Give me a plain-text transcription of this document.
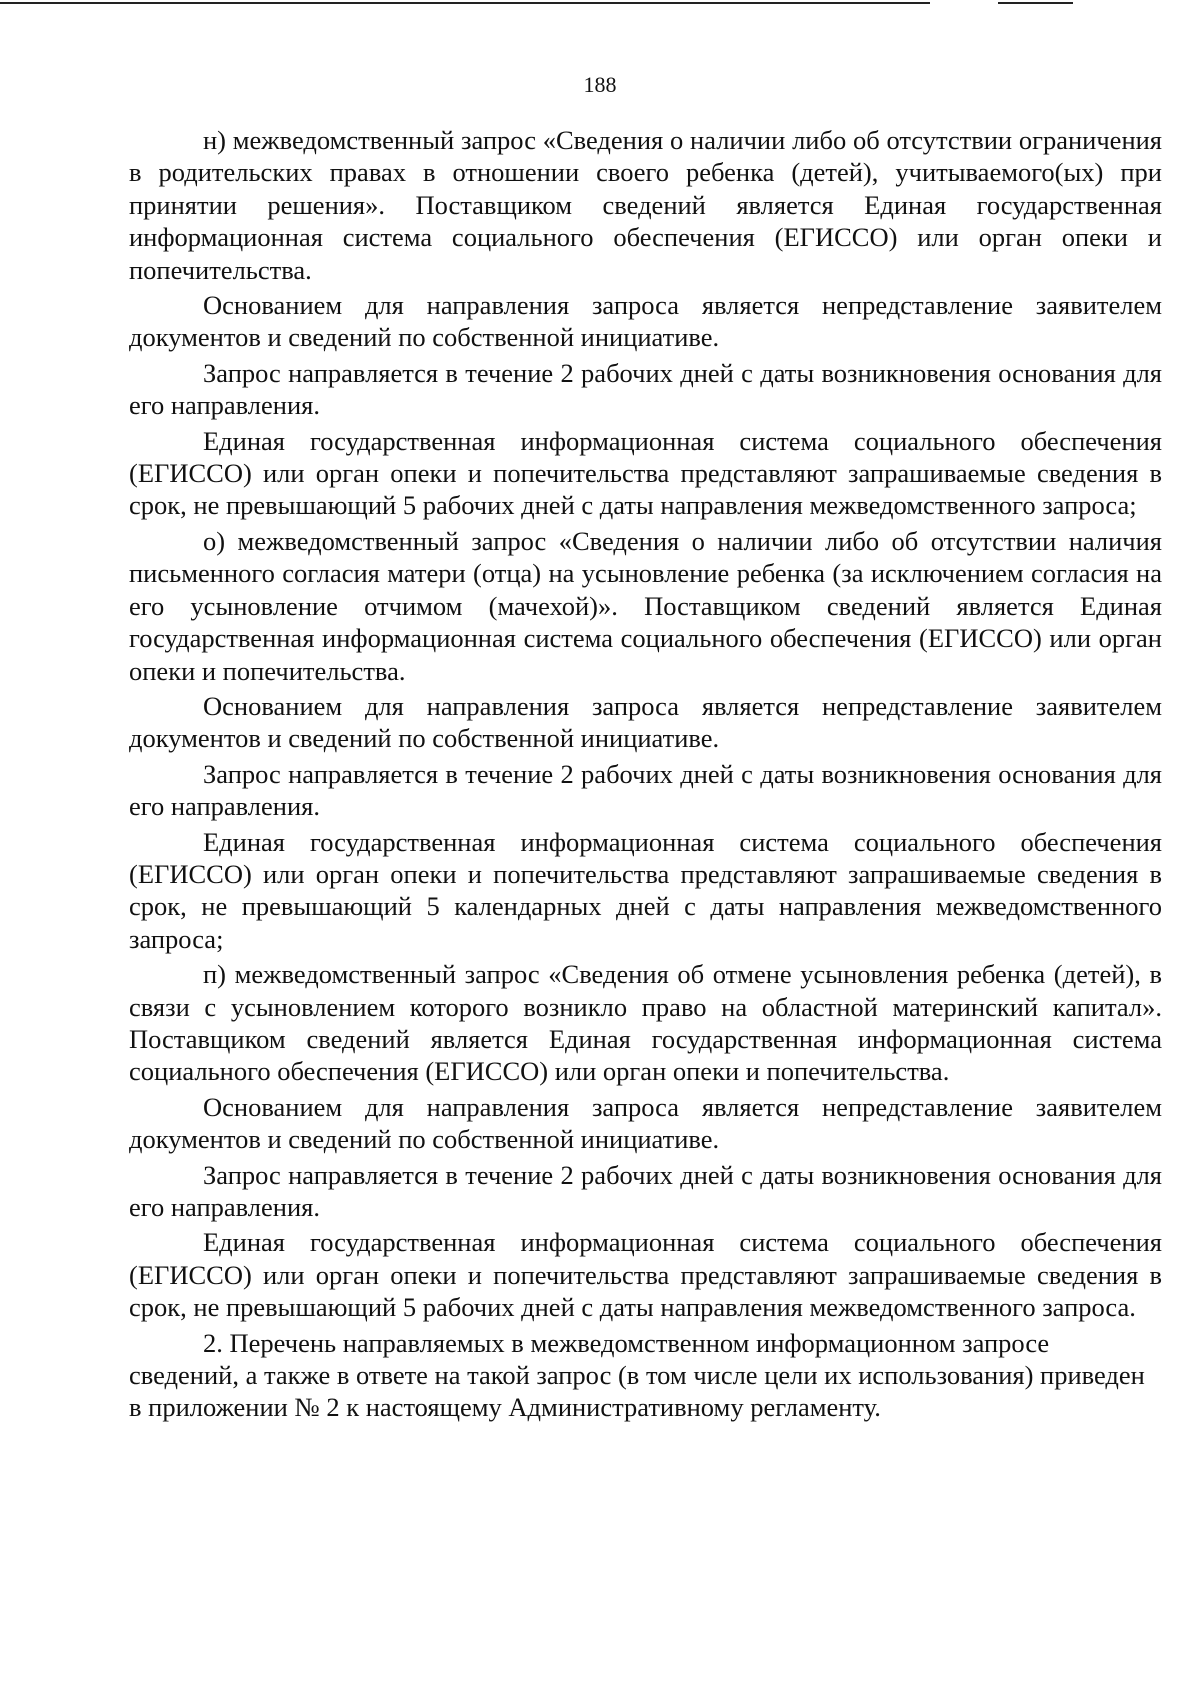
188

н) межведомственный запрос «Сведения о наличии либо об отсутствии ограничения в родительских правах в отношении своего ребенка (детей), учитываемого(ых) при принятии решения». Поставщиком сведений является Единая государственная информационная система социального обеспечения (ЕГИССО) или орган опеки и попечительства.

Основанием для направления запроса является непредставление заявителем документов и сведений по собственной инициативе.

Запрос направляется в течение 2 рабочих дней с даты возникновения основания для его направления.

Единая государственная информационная система социального обеспечения (ЕГИССО) или орган опеки и попечительства представляют запрашиваемые сведения в срок, не превышающий 5 рабочих дней с даты направления межведомственного запроса;

о) межведомственный запрос «Сведения о наличии либо об отсутствии наличия письменного согласия матери (отца) на усыновление ребенка (за исключением согласия на его усыновление отчимом (мачехой)». Поставщиком сведений является Единая государственная информационная система социального обеспечения (ЕГИССО) или орган опеки и попечительства.

Основанием для направления запроса является непредставление заявителем документов и сведений по собственной инициативе.

Запрос направляется в течение 2 рабочих дней с даты возникновения основания для его направления.

Единая государственная информационная система социального обеспечения (ЕГИССО) или орган опеки и попечительства представляют запрашиваемые сведения в срок, не превышающий 5 календарных дней с даты направления межведомственного запроса;

п) межведомственный запрос «Сведения об отмене усыновления ребенка (детей), в связи с усыновлением которого возникло право на областной материнский капитал». Поставщиком сведений является Единая государственная информационная система социального обеспечения (ЕГИССО) или орган опеки и попечительства.

Основанием для направления запроса является непредставление заявителем документов и сведений по собственной инициативе.

Запрос направляется в течение 2 рабочих дней с даты возникновения основания для его направления.

Единая государственная информационная система социального обеспечения (ЕГИССО) или орган опеки и попечительства представляют запрашиваемые сведения в срок, не превышающий 5 рабочих дней с даты направления межведомственного запроса.

2. Перечень направляемых в межведомственном информационном запросе сведений, а также в ответе на такой запрос (в том числе цели их использования) приведен в приложении № 2 к настоящему Административному регламенту.
